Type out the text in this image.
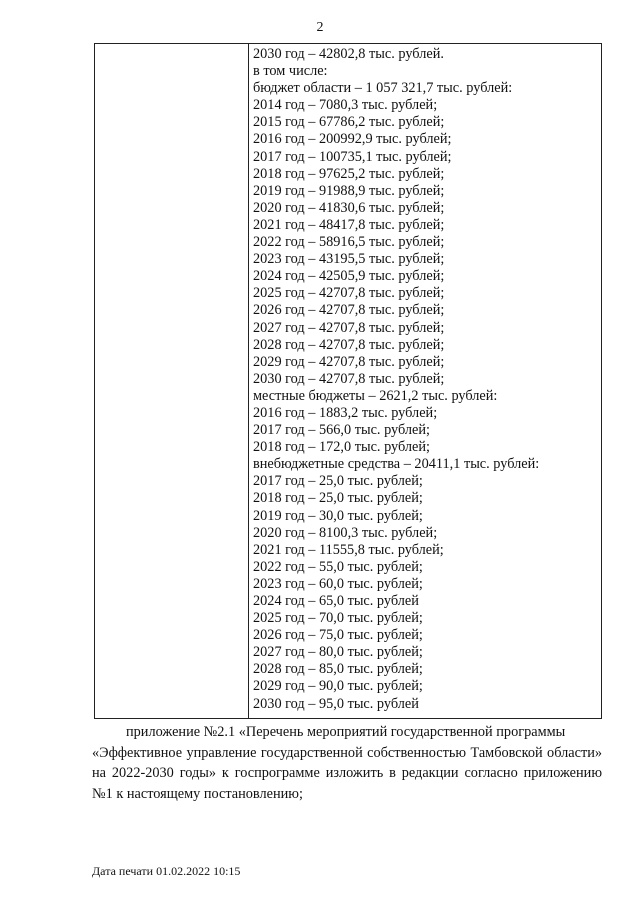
2
2030 год – 42802,8 тыс. рублей.
в том числе:
бюджет области – 1 057 321,7 тыс. рублей:
2014 год – 7080,3 тыс. рублей;
2015 год – 67786,2 тыс. рублей;
2016 год – 200992,9 тыс. рублей;
2017 год – 100735,1 тыс. рублей;
2018 год – 97625,2 тыс. рублей;
2019 год – 91988,9 тыс. рублей;
2020 год – 41830,6 тыс. рублей;
2021 год – 48417,8 тыс. рублей;
2022 год – 58916,5 тыс. рублей;
2023 год – 43195,5 тыс. рублей;
2024 год – 42505,9 тыс. рублей;
2025 год – 42707,8 тыс. рублей;
2026 год – 42707,8 тыс. рублей;
2027 год – 42707,8 тыс. рублей;
2028 год – 42707,8 тыс. рублей;
2029 год – 42707,8 тыс. рублей;
2030 год – 42707,8 тыс. рублей;
местные бюджеты – 2621,2 тыс. рублей:
2016 год – 1883,2 тыс. рублей;
2017 год – 566,0 тыс. рублей;
2018 год – 172,0 тыс. рублей;
внебюджетные средства – 20411,1 тыс. рублей:
2017 год – 25,0 тыс. рублей;
2018 год – 25,0 тыс. рублей;
2019 год – 30,0 тыс. рублей;
2020 год – 8100,3 тыс. рублей;
2021 год – 11555,8 тыс. рублей;
2022 год – 55,0 тыс. рублей;
2023 год – 60,0 тыс. рублей;
2024 год – 65,0 тыс. рублей
2025 год – 70,0 тыс. рублей;
2026 год – 75,0 тыс. рублей;
2027 год – 80,0 тыс. рублей;
2028 год – 85,0 тыс. рублей;
2029 год – 90,0 тыс. рублей;
2030 год – 95,0 тыс. рублей
приложение №2.1 «Перечень мероприятий государственной программы
«Эффективное управление государственной собственностью Тамбовской области» на 2022-2030 годы» к госпрограмме изложить в редакции согласно приложению №1 к настоящему постановлению;
Дата печати 01.02.2022 10:15
